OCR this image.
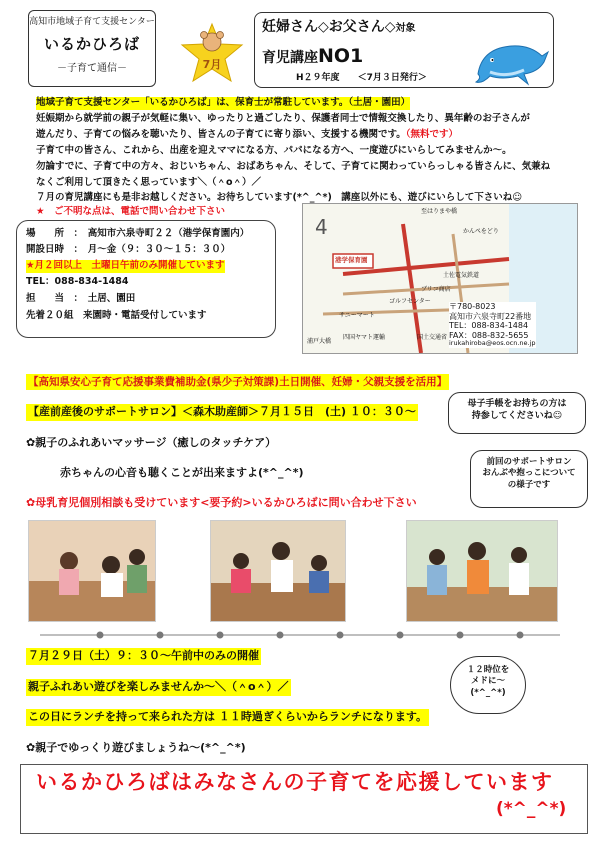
高知市地域子育て支援センター
いるかひろば
－子育て通信－	7月
妊婦さん◇お父さん◇対象
育児講座NO1
H２９年度　　 ＜7月３日発行＞
地域子育て支援センター「いるかひろば」は、保育士が常駐しています。（土居・園田）
妊娠期から就学前の親子が気軽に集い、ゆったりと過ごしたり、保護者同士で情報交換したり、異年齢のお子さんが
遊んだり、子育ての悩みを聴いたり、皆さんの子育てに寄り添い、支援する機関です。（無料です）
子育て中の皆さん、これから、出産を迎えママになる方、パパになる方へ、一度遊びにいらしてみませんか～。
勿論すでに、子育て中の方々、おじいちゃん、おばあちゃん、そして、子育てに関わっていらっしゃる皆さんに、気兼ね
なくご利用して頂きたく思っています＼（＾o＾）／
７月の育児講座にも是非お越しください。お待ちしています(*^_^*)　講座以外にも、遊びにいらして下さいね☺
★　ご不明な点は、電話で問い合わせ下さい
場　　所　：　 高知市六泉寺町２２（港学保育園内）
開設日時　：　 月～金（９：３０～１５：３０）
★月２回以上　土曜日午前のみ開催しています
TEL：088-834-1484
担　　当　：　 土居、園田
先着２０組　来園時・電話受付しています
4
至はりまや橋
かんぺをどり
港学保育園
土佐電気鉄道
ブリコ商店
ゴルフセンター
サニーマート
四国ヤマト運輸	国土交通省
浦戸大橋
〒780-8023
高知市六泉寺町22番地
TEL：088-834-1484
FAX：088-832-5655
irukahiroba@eos.ocn.ne.jp
【高知県安心子育て応援事業費補助金(県少子対策課)土日開催、妊婦・父親支援を活用】
【産前産後のサポートサロン】＜森木助産師＞７月１５日　(土) １０：３０～
母子手帳をお持ちの方は
持参してくださいね☺
✿親子のふれあいマッサージ（癒しのタッチケア）
赤ちゃんの心音も聴くことが出来ますよ(*^_^*)
前回のサポートサロン
おんぶや抱っこについて
の様子です
✿母乳育児個別相談も受けています<要予約>いるかひろばに問い合わせ下さい
７月２９日（土）９：３０～午前中のみの開催
親子ふれあい遊びを楽しみませんか～＼（＾o＾）／
この日にランチを持って来られた方は １１時過ぎくらいからランチになります。
１２時位を
メドに～
(*^_^*)
✿親子でゆっくり遊びましょうね～(*^_^*)
いるかひろばはみなさんの子育てを応援しています
(*^_^*)
